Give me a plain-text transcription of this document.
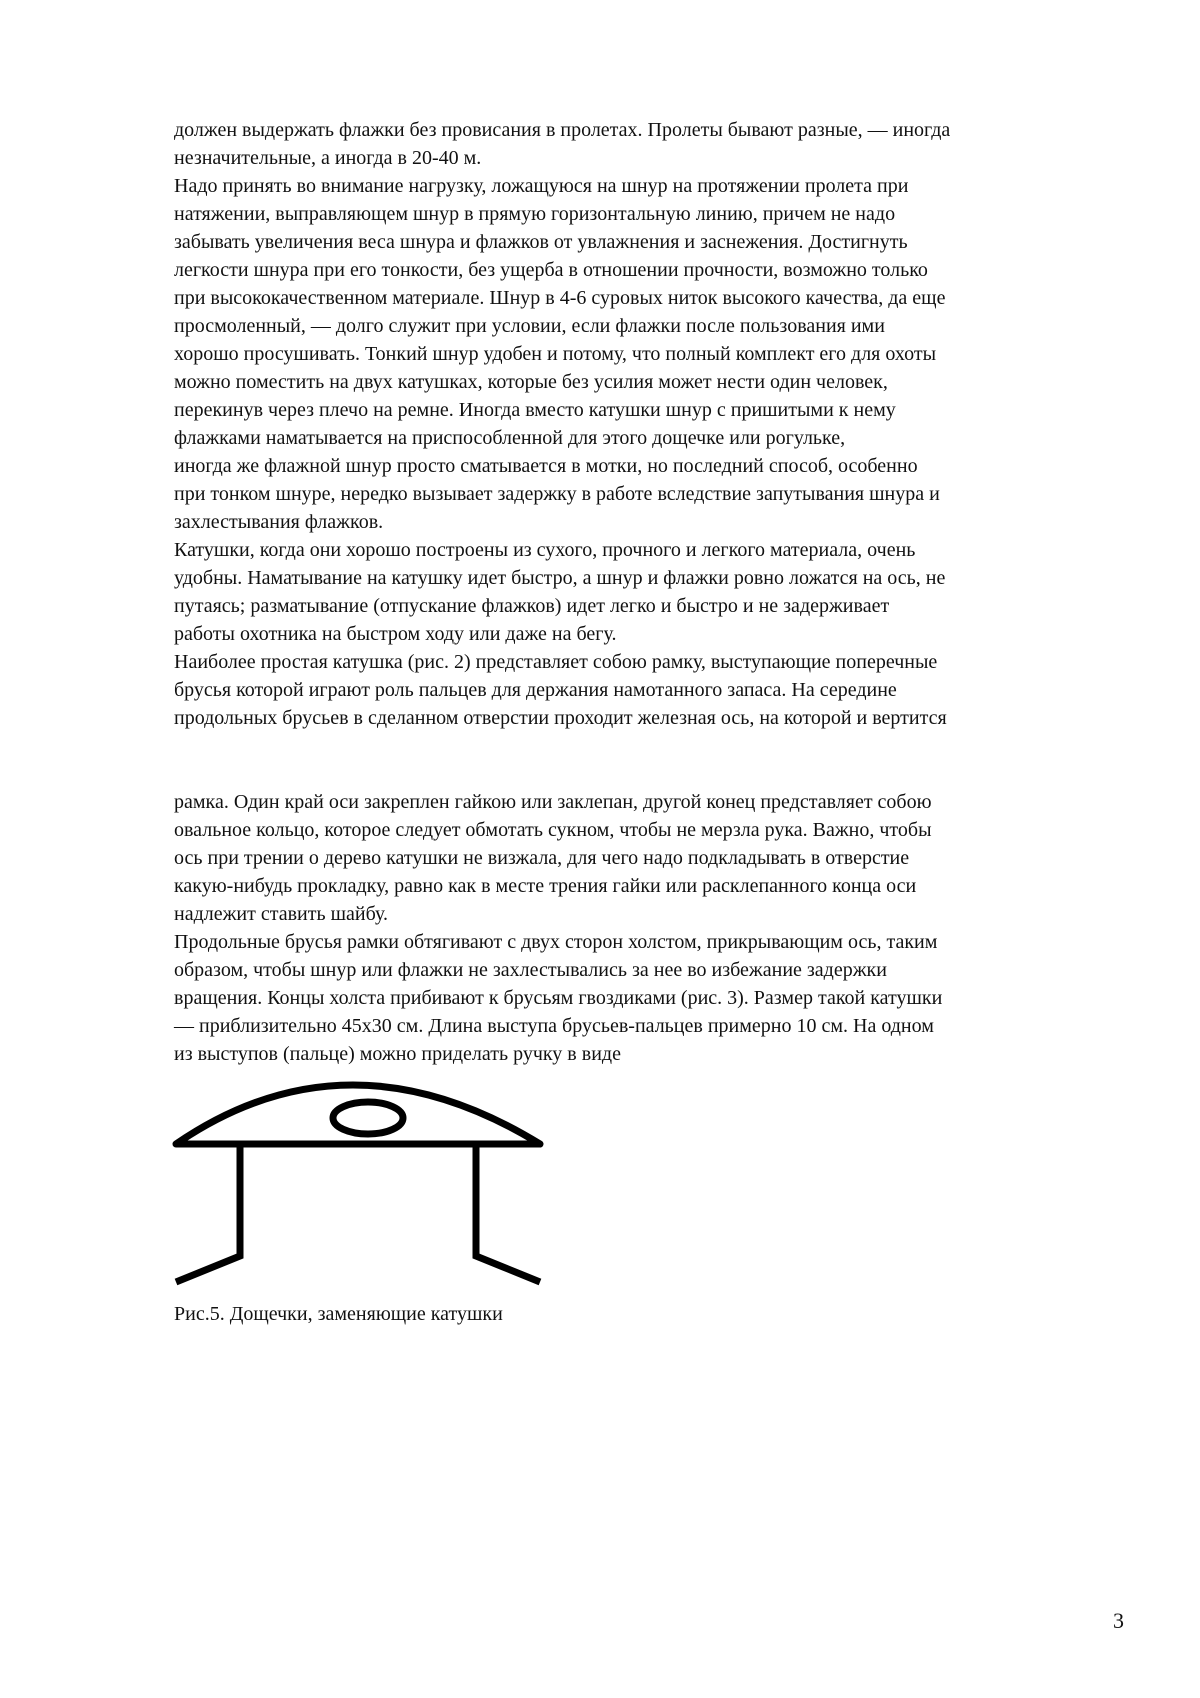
должен выдержать флажки без провисания в пролетах. Пролеты бывают разные, — иногда
незначительные, а иногда в 20-40 м.
Надо принять во внимание нагрузку, ложащуюся на шнур на протяжении пролета при
натяжении, выправляющем шнур в прямую горизонтальную линию, причем не надо
забывать увеличения веса шнура и флажков от увлажнения и заснежения. Достигнуть
легкости шнура при его тонкости, без ущерба в отношении прочности, возможно только
при высококачественном материале. Шнур в 4-6 суровых ниток высокого качества, да еще
просмоленный, — долго служит при условии, если флажки после пользования ими
хорошо просушивать. Тонкий шнур удобен и потому, что полный комплект его для охоты
можно поместить на двух катушках, которые без усилия может нести один человек,
перекинув через плечо на ремне. Иногда вместо катушки шнур с пришитыми к нему
флажками наматывается на приспособленной для этого дощечке или рогульке,
иногда же флажной шнур просто сматывается в мотки, но последний способ, особенно
при тонком шнуре, нередко вызывает задержку в работе вследствие запутывания шнура и
захлестывания флажков.
Катушки, когда они хорошо построены из сухого, прочного и легкого материала, очень
удобны. Наматывание на катушку идет быстро, а шнур и флажки ровно ложатся на ось, не
путаясь; разматывание (отпускание флажков) идет легко и быстро и не задерживает
работы охотника на быстром ходу или даже на бегу.
Наиболее простая катушка (рис. 2) представляет собою рамку, выступающие поперечные
брусья которой играют роль пальцев для держания намотанного запаса. На середине
продольных брусьев в сделанном отверстии проходит железная ось, на которой и вертится
рамка. Один край оси закреплен гайкою или заклепан, другой конец представляет собою
овальное кольцо, которое следует обмотать сукном, чтобы не мерзла рука. Важно, чтобы
ось при трении о дерево катушки не визжала, для чего надо подкладывать в отверстие
какую-нибудь прокладку, равно как в месте трения гайки или расклепанного конца оси
надлежит ставить шайбу.
Продольные брусья рамки обтягивают с двух сторон холстом, прикрывающим ось, таким
образом, чтобы шнур или флажки не захлестывались за нее во избежание задержки
вращения. Концы холста прибивают к брусьям гвоздиками (рис. 3). Размер такой катушки
— приблизительно 45х30 см. Длина выступа брусьев-пальцев примерно 10 см. На одном
из выступов (пальце) можно приделать ручку в виде
Рис.5. Дощечки, заменяющие катушки
3
